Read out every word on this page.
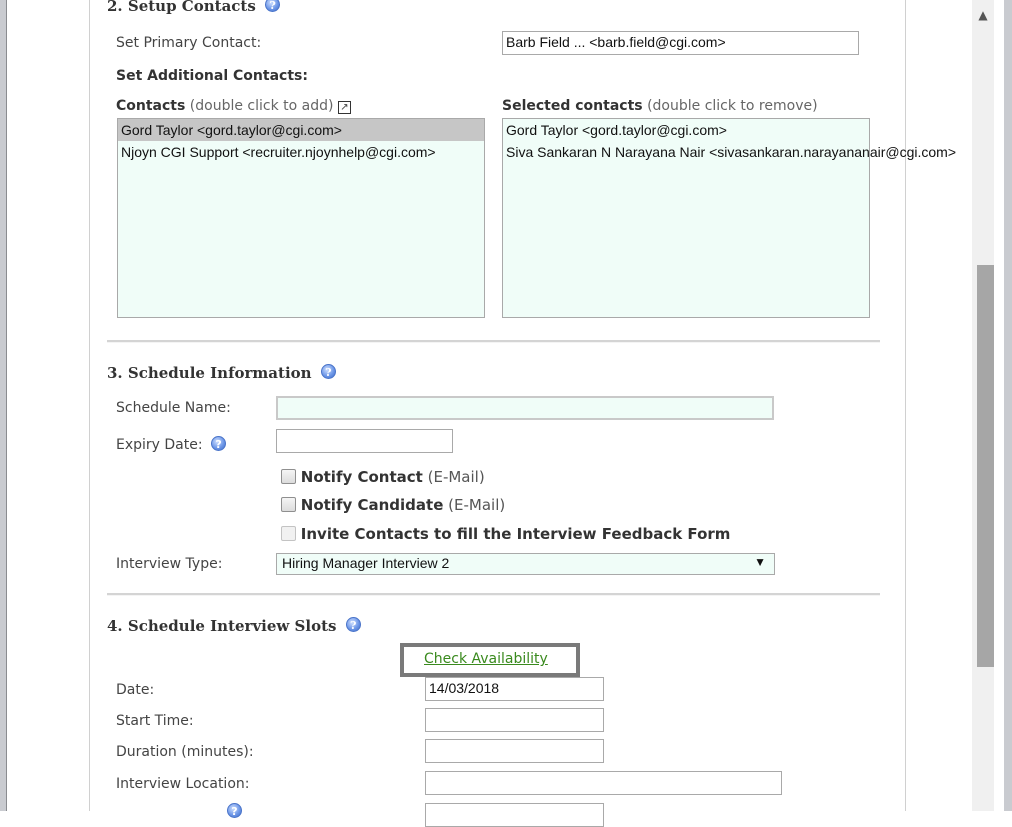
2. Setup Contacts ?
Set Primary Contact:	Barb Field ... <barb.field@cgi.com>
Set Additional Contacts:
Contacts (double click to add) ↗	Selected contacts (double click to remove)
Gord Taylor <gord.taylor@cgi.com>
Njoyn CGI Support <recruiter.njoynhelp@cgi.com>
Gord Taylor <gord.taylor@cgi.com>
Siva Sankaran N Narayana Nair <sivasankaran.narayananair@cgi.com>
3. Schedule Information ?
Schedule Name:
Expiry Date: ?
Notify Contact (E-Mail)
Notify Candidate (E-Mail)
Invite Contacts to fill the Interview Feedback Form
Interview Type:	Hiring Manager Interview 2	▼
4. Schedule Interview Slots ?
Check Availability
Date:	14/03/2018
Start Time:
Duration (minutes):
Interview Location:
?
▲
